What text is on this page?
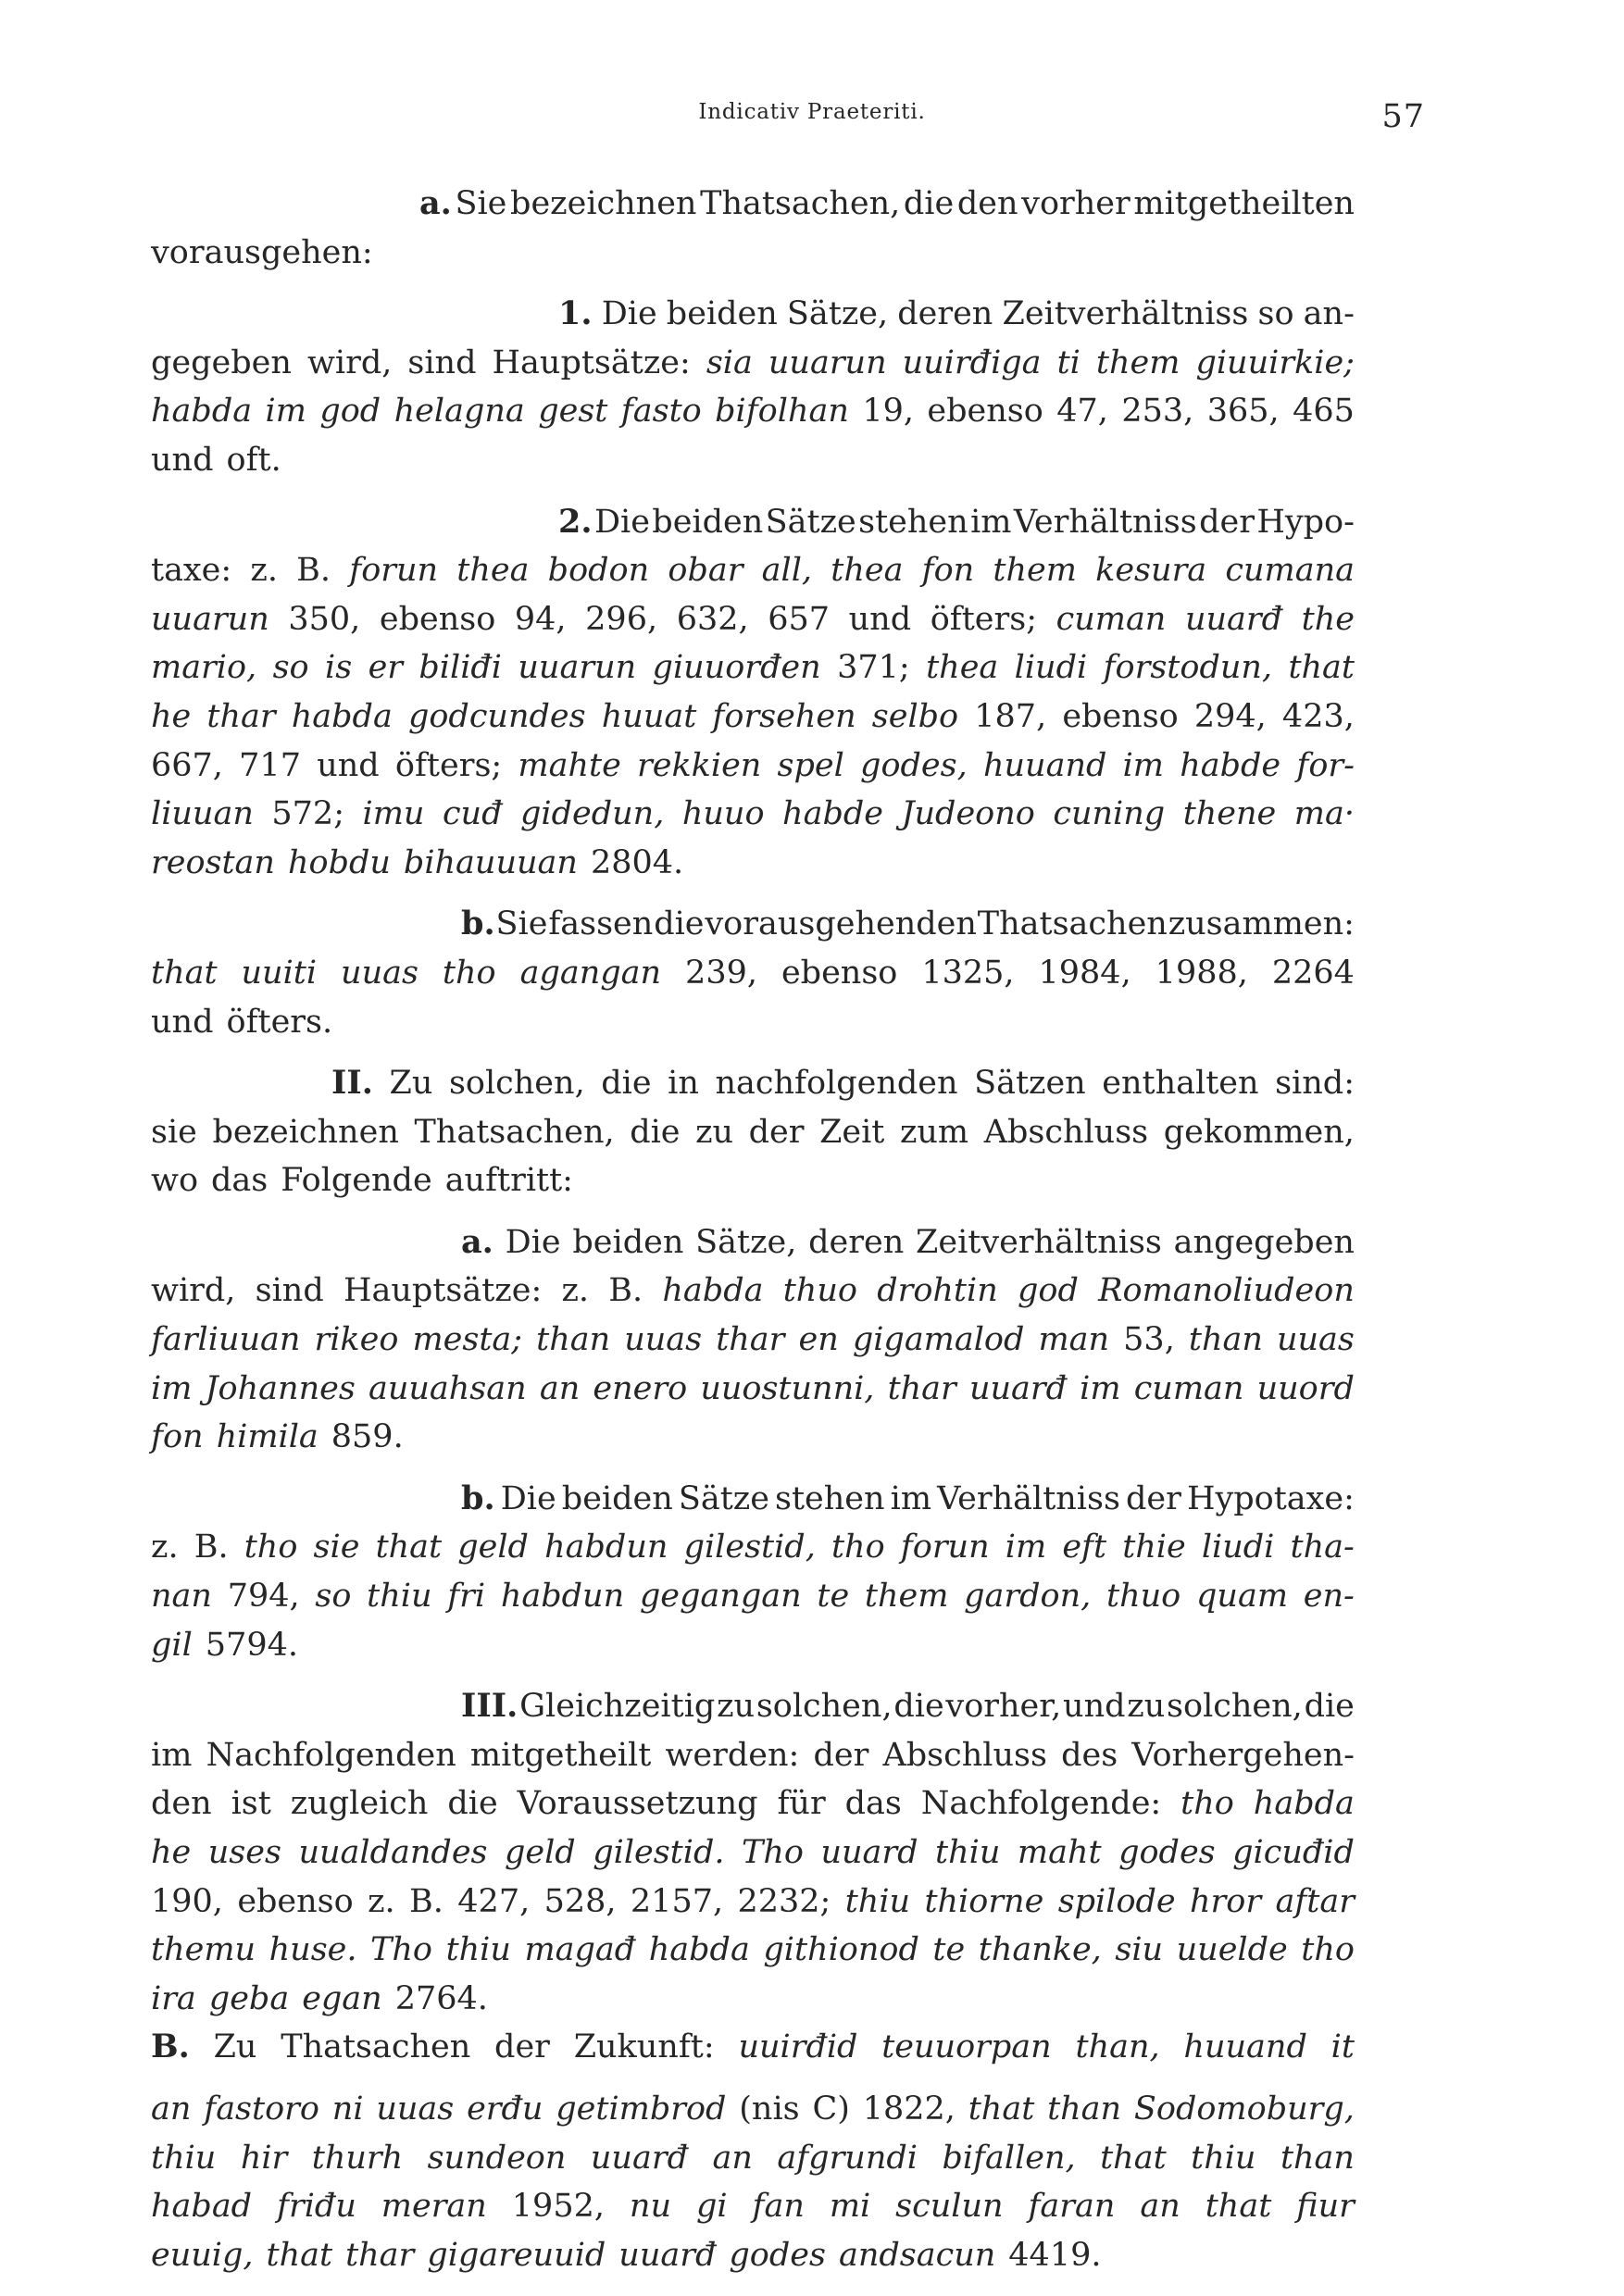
Indicativ Praeteriti.	57
a. Sie bezeichnen Thatsachen, die den vorher mitgetheilten
vorausgehen:
1. Die beiden Sätze, deren Zeitverhältniss so an-
gegeben wird, sind Hauptsätze: sia uuarun uuirđiga ti them giuuirkie;
habda im god helagna gest fasto bifolhan 19, ebenso 47, 253, 365, 465
und oft.
2. Die beiden Sätze stehen im Verhältniss der Hypo-
taxe: z. B. forun thea bodon obar all, thea fon them kesura cumana
uuarun 350, ebenso 94, 296, 632, 657 und öfters; cuman uuarđ the
mario, so is er biliđi uuarun giuuorđen 371; thea liudi forstodun, that
he thar habda godcundes huuat forsehen selbo 187, ebenso 294, 423,
667, 717 und öfters; mahte rekkien spel godes, huuand im habde for-
liuuan 572; imu cuđ gidedun, huuo habde Judeono cuning thene ma·
reostan hobdu bihauuuan 2804.
b. Sie fassen die vorausgehenden Thatsachen zusammen:
that uuiti uuas tho agangan 239, ebenso 1325, 1984, 1988, 2264
und öfters.
II. Zu solchen, die in nachfolgenden Sätzen enthalten sind:
sie bezeichnen Thatsachen, die zu der Zeit zum Abschluss gekommen,
wo das Folgende auftritt:
a. Die beiden Sätze, deren Zeitverhältniss angegeben
wird, sind Hauptsätze: z. B. habda thuo drohtin god Romanoliudeon
farliuuan rikeo mesta; than uuas thar en gigamalod man 53, than uuas
im Johannes auuahsan an enero uuostunni, thar uuarđ im cuman uuord
fon himila 859.
b. Die beiden Sätze stehen im Verhältniss der Hypotaxe:
z. B. tho sie that geld habdun gilestid, tho forun im eft thie liudi tha-
nan 794, so thiu fri habdun gegangan te them gardon, thuo quam en-
gil 5794.
III. Gleichzeitig zu solchen, die vorher, und zu solchen, die
im Nachfolgenden mitgetheilt werden: der Abschluss des Vorhergehen-
den ist zugleich die Voraussetzung für das Nachfolgende: tho habda
he uses uualdandes geld gilestid. Tho uuard thiu maht godes gicuđid
190, ebenso z. B. 427, 528, 2157, 2232; thiu thiorne spilode hror aftar
themu huse. Tho thiu magađ habda githionod te thanke, siu uuelde tho
ira geba egan 2764.
B. Zu Thatsachen der Zukunft: uuirđid teuuorpan than, huuand it
an fastoro ni uuas erđu getimbrod (nis C) 1822, that than Sodomoburg,
thiu hir thurh sundeon uuarđ an afgrundi bifallen, that thiu than
habad friđu meran 1952, nu gi fan mi sculun faran an that fiur
euuig, that thar gigareuuid uuarđ godes andsacun 4419.
